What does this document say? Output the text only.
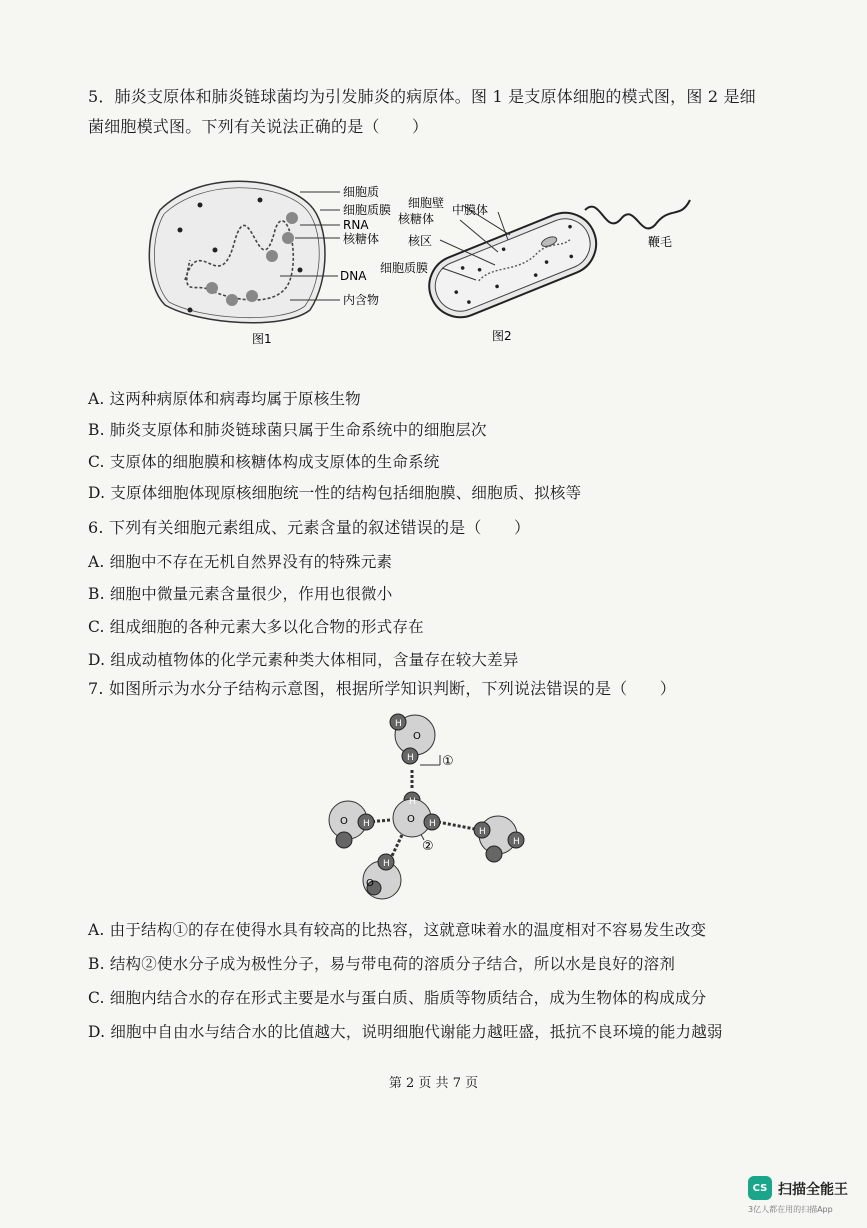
5．肺炎支原体和肺炎链球菌均为引发肺炎的病原体。图 1 是支原体细胞的模式图，图 2 是细
菌细胞模式图。下列有关说法正确的是（　　）
细胞质
细胞质膜
RNA
核糖体
DNA
内含物
图1
细胞壁
核糖体
中膜体
核区
细胞质膜
鞭毛
图2
A. 这两种病原体和病毒均属于原核生物
B. 肺炎支原体和肺炎链球菌只属于生命系统中的细胞层次
C. 支原体的细胞膜和核糖体构成支原体的生命系统
D. 支原体细胞体现原核细胞统一性的结构包括细胞膜、细胞质、拟核等
6. 下列有关细胞元素组成、元素含量的叙述错误的是（　　）
A. 细胞中不存在无机自然界没有的特殊元素
B. 细胞中微量元素含量很少，作用也很微小
C. 组成细胞的各种元素大多以化合物的形式存在
D. 组成动植物体的化学元素种类大体相同，含量存在较大差异
7. 如图所示为水分子结构示意图，根据所学知识判断，下列说法错误的是（　　）
H
O
H
H
O H
O H
H
H
H
O
①
②
A. 由于结构①的存在使得水具有较高的比热容，这就意味着水的温度相对不容易发生改变
B. 结构②使水分子成为极性分子，易与带电荷的溶质分子结合，所以水是良好的溶剂
C. 细胞内结合水的存在形式主要是水与蛋白质、脂质等物质结合，成为生物体的构成成分
D. 细胞中自由水与结合水的比值越大，说明细胞代谢能力越旺盛，抵抗不良环境的能力越弱
第 2 页 共 7 页
CS 扫描全能王
3亿人都在用的扫描App
